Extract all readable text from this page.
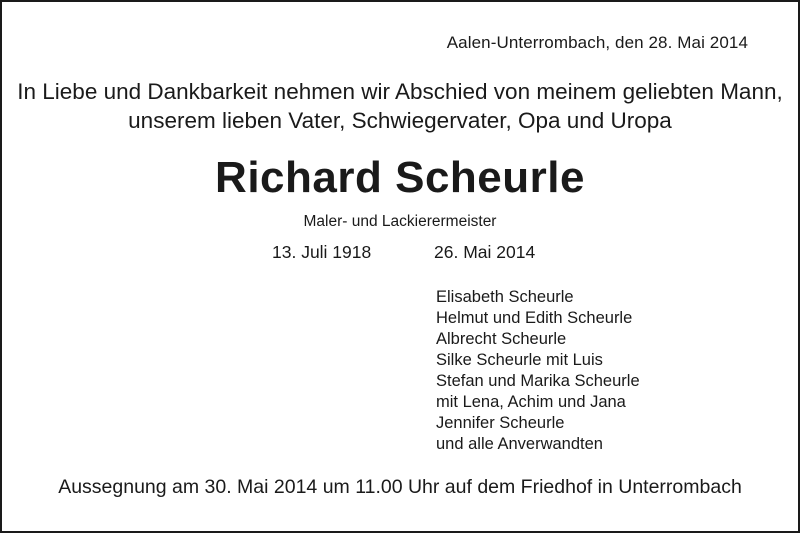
Aalen-Unterrombach, den 28. Mai 2014
In Liebe und Dankbarkeit nehmen wir Abschied von meinem geliebten Mann,
unserem lieben Vater, Schwiegervater, Opa und Uropa
Richard Scheurle
Maler- und Lackierermeister
13. Juli 1918	26. Mai 2014
Elisabeth Scheurle
Helmut und Edith Scheurle
Albrecht Scheurle
Silke Scheurle mit Luis
Stefan und Marika Scheurle
mit Lena, Achim und Jana
Jennifer Scheurle
und alle Anverwandten
Aussegnung am 30. Mai 2014 um 11.00 Uhr auf dem Friedhof in Unterrombach
